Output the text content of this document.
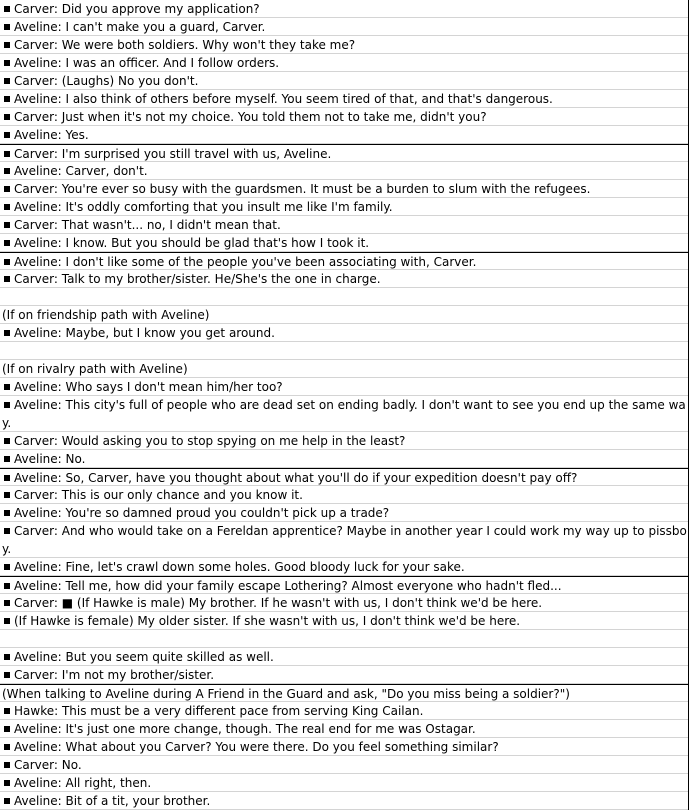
Carver: Did you approve my application?
Aveline: I can't make you a guard, Carver.
Carver: We were both soldiers. Why won't they take me?
Aveline: I was an officer. And I follow orders.
Carver: (Laughs) No you don't.
Aveline: I also think of others before myself. You seem tired of that, and that's dangerous.
Carver: Just when it's not my choice. You told them not to take me, didn't you?
Aveline: Yes.
Carver: I'm surprised you still travel with us, Aveline.
Aveline: Carver, don't.
Carver: You're ever so busy with the guardsmen. It must be a burden to slum with the refugees.
Aveline: It's oddly comforting that you insult me like I'm family.
Carver: That wasn't... no, I didn't mean that.
Aveline: I know. But you should be glad that's how I took it.
Aveline: I don't like some of the people you've been associating with, Carver.
Carver: Talk to my brother/sister. He/She's the one in charge.
(If on friendship path with Aveline)
Aveline: Maybe, but I know you get around.
(If on rivalry path with Aveline)
Aveline: Who says I don't mean him/her too?
Aveline: This city's full of people who are dead set on ending badly. I don't want to see you end up the same way.
Carver: Would asking you to stop spying on me help in the least?
Aveline: No.
Aveline: So, Carver, have you thought about what you'll do if your expedition doesn't pay off?
Carver: This is our only chance and you know it.
Aveline: You're so damned proud you couldn't pick up a trade?
Carver: And who would take on a Fereldan apprentice? Maybe in another year I could work my way up to pissboy.
Aveline: Fine, let's crawl down some holes. Good bloody luck for your sake.
Aveline: Tell me, how did your family escape Lothering? Almost everyone who hadn't fled...
Carver: ■ (If Hawke is male) My brother. If he wasn't with us, I don't think we'd be here.
(If Hawke is female) My older sister. If she wasn't with us, I don't think we'd be here.
Aveline: But you seem quite skilled as well.
Carver: I'm not my brother/sister.
(When talking to Aveline during A Friend in the Guard and ask, "Do you miss being a soldier?")
Hawke: This must be a very different pace from serving King Cailan.
Aveline: It's just one more change, though. The real end for me was Ostagar.
Aveline: What about you Carver? You were there. Do you feel something similar?
Carver: No.
Aveline: All right, then.
Aveline: Bit of a tit, your brother.
